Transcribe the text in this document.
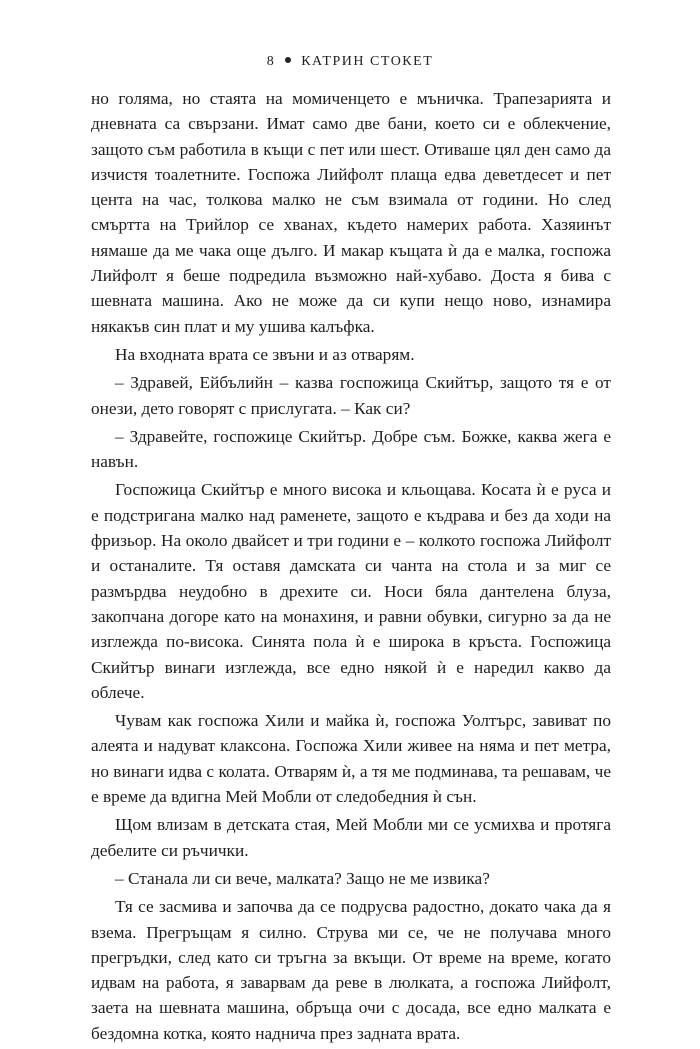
8 КАТРИН СТОКЕТ

но голяма, но стаята на момиченцето е мъничка. Трапезарията и дневната са свързани. Имат само две бани, което си е облекчение, защото съм работила в къщи с пет или шест. Отиваше цял ден само да изчистя тоалетните. Госпожа Лийфолт плаща едва деветдесет и пет цента на час, толкова малко не съм взимала от години. Но след смъртта на Трийлор се хванах, където намерих работа. Хазяинът нямаше да ме чака още дълго. И макар къщата ѝ да е малка, госпожа Лийфолт я беше подредила възможно най-хубаво. Доста я бива с шевната машина. Ако не може да си купи нещо ново, изнамира някакъв син плат и му ушива калъфка.

На входната врата се звъни и аз отварям.

– Здравей, Ейбълийн – казва госпожица Скийтър, защото тя е от онези, дето говорят с прислугата. – Как си?

– Здравейте, госпожице Скийтър. Добре съм. Божке, каква жега е навън.

Госпожица Скийтър е много висока и кльощава. Косата ѝ е руса и е подстригана малко над раменете, защото е къдрава и без да ходи на фризьор. На около двайсет и три години е – колкото госпожа Лийфолт и останалите. Тя оставя дамската си чанта на стола и за миг се размърдва неудобно в дрехите си. Носи бяла дантелена блуза, закопчана догоре като на монахиня, и равни обувки, сигурно за да не изглежда по-висока. Синята пола ѝ е широка в кръста. Госпожица Скийтър винаги изглежда, все едно някой ѝ е наредил какво да облече.

Чувам как госпожа Хили и майка ѝ, госпожа Уолтърс, завиват по алеята и надуват клаксона. Госпожа Хили живее на няма и пет метра, но винаги идва с колата. Отварям ѝ, а тя ме подминава, та решавам, че е време да вдигна Мей Мобли от следобедния ѝ сън.

Щом влизам в детската стая, Мей Мобли ми се усмихва и протяга дебелите си ръчички.

– Станала ли си вече, малката? Защо не ме извика?

Тя се засмива и започва да се подрусва радостно, докато чака да я взема. Прегръщам я силно. Струва ми се, че не получава много прегръдки, след като си тръгна за вкъщи. От време на време, когато идвам на работа, я заварвам да реве в люлката, а госпожа Лийфолт, заета на шевната машина, обръща очи с досада, все едно малката е бездомна котка, която надничa през задната врата.
